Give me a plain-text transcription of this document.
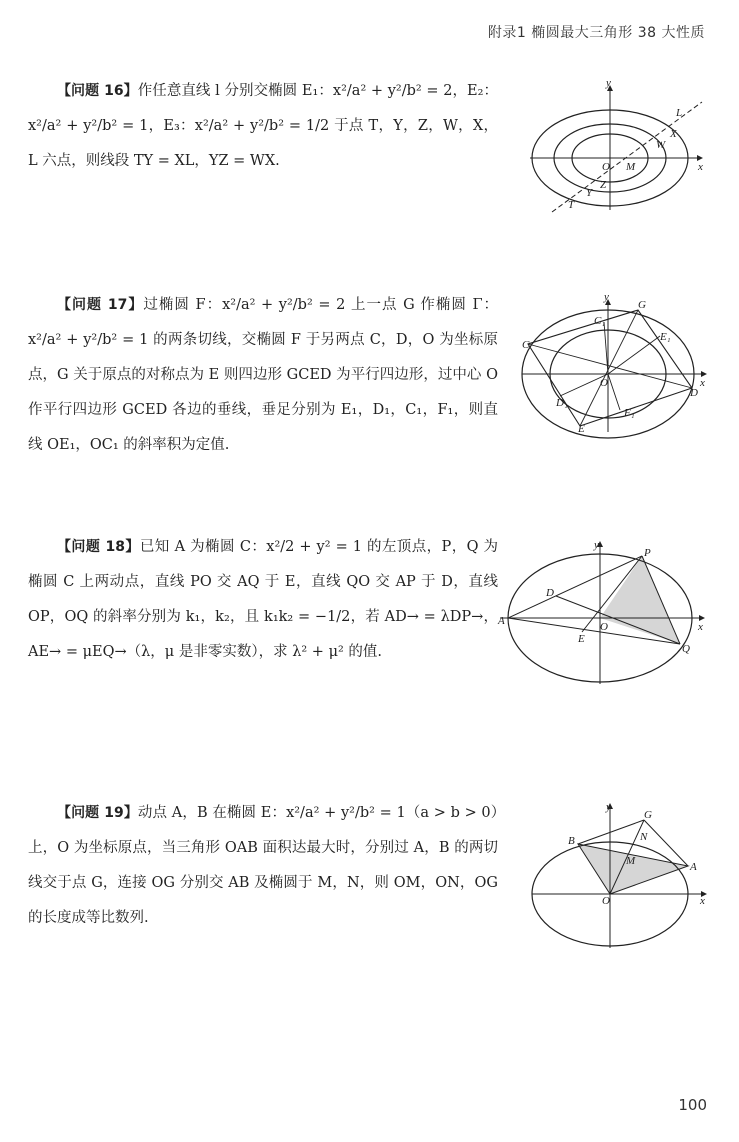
附录1 椭圆最大三角形 38 大性质

【问题 16】作任意直线 l 分别交椭圆 E₁：x²/a² + y²/b² = 2，E₂：x²/a² + y²/b² = 1，E₃：x²/a² + y²/b² = 1/2 于点 T，Y，Z，W，X，L 六点，则线段 TY = XL，YZ = WX.

y
x
O
L
X
W
M
Z
Y
T

【问题 17】过椭圆 F：x²/a² + y²/b² = 2 上一点 G 作椭圆 Γ：x²/a² + y²/b² = 1 的两条切线，交椭圆 F 于另两点 C，D，O 为坐标原点，G 关于原点的对称点为 E 则四边形 GCED 为平行四边形，过中心 O 作平行四边形 GCED 各边的垂线，垂足分别为 E₁，D₁，C₁，F₁，则直线 OE₁，OC₁ 的斜率积为定值.

y
x
O
G
C
C₁
E₁
D
D₁
F₁
E

【问题 18】已知 A 为椭圆 C：x²/2 + y² = 1 的左顶点，P，Q 为椭圆 C 上两动点，直线 PO 交 AQ 于 E，直线 QO 交 AP 于 D，直线 OP，OQ 的斜率分别为 k₁，k₂，且 k₁k₂ = −1/2，若 AD→ = λDP→，AE→ = μEQ→（λ，μ 是非零实数），求 λ² + μ² 的值.

y
x
O
P
D
A
E
Q

【问题 19】动点 A，B 在椭圆 E：x²/a² + y²/b² = 1（a > b > 0）上，O 为坐标原点，当三角形 OAB 面积达最大时，分别过 A，B 的两切线交于点 G，连接 OG 分别交 AB 及椭圆于 M，N，则 OM，ON，OG 的长度成等比数列.

y
x
O
G
N
B
M	A
100
